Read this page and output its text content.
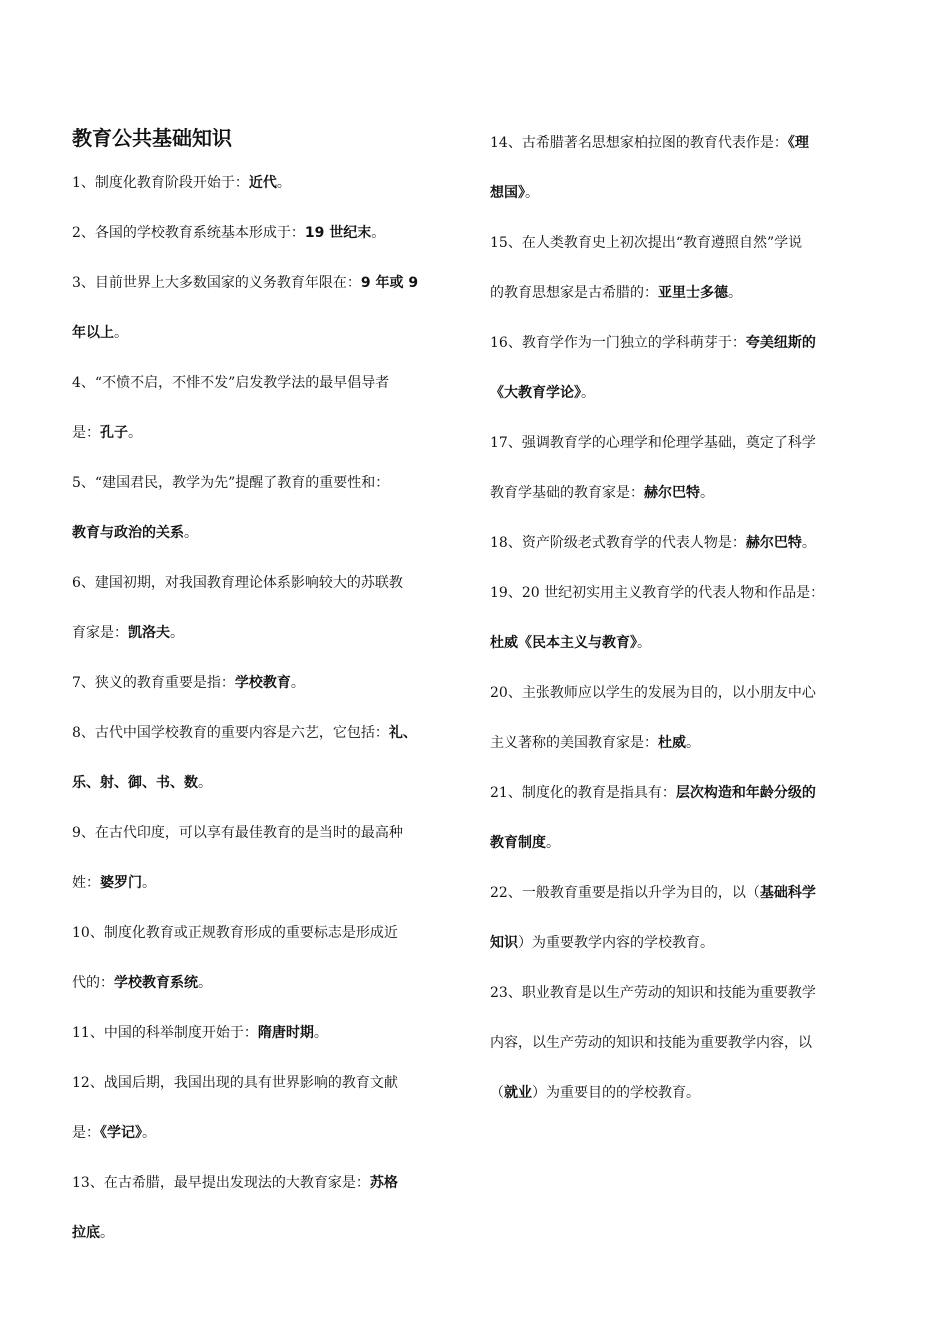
教育公共基础知识
1、制度化教育阶段开始于：近代。
2、各国的学校教育系统基本形成于：19 世纪末。
3、目前世界上大多数国家的义务教育年限在：9 年或 9
年以上。
4、“不愤不启，不悱不发”启发教学法的最早倡导者
是：孔子。
5、“建国君民，教学为先”提醒了教育的重要性和：
教育与政治的关系。
6、建国初期，对我国教育理论体系影响较大的苏联教
育家是：凯洛夫。
7、狭义的教育重要是指：学校教育。
8、古代中国学校教育的重要内容是六艺，它包括：礼、
乐、射、御、书、数。
9、在古代印度，可以享有最佳教育的是当时的最高种
姓：婆罗门。
10、制度化教育或正规教育形成的重要标志是形成近
代的：学校教育系统。
11、中国的科举制度开始于：隋唐时期。
12、战国后期，我国出现的具有世界影响的教育文献
是：《学记》。
13、在古希腊，最早提出发现法的大教育家是：苏格
拉底。
14、古希腊著名思想家柏拉图的教育代表作是：《理
想国》。
15、在人类教育史上初次提出“教育遵照自然”学说
的教育思想家是古希腊的：亚里士多德。
16、教育学作为一门独立的学科萌芽于：夸美纽斯的
《大教育学论》。
17、强调教育学的心理学和伦理学基础，奠定了科学
教育学基础的教育家是：赫尔巴特。
18、资产阶级老式教育学的代表人物是：赫尔巴特。
19、20 世纪初实用主义教育学的代表人物和作品是：
杜威《民本主义与教育》。
20、主张教师应以学生的发展为目的，以小朋友中心
主义著称的美国教育家是：杜威。
21、制度化的教育是指具有：层次构造和年龄分级的
教育制度。
22、一般教育重要是指以升学为目的，以（基础科学
知识）为重要教学内容的学校教育。
23、职业教育是以生产劳动的知识和技能为重要教学
内容，以生产劳动的知识和技能为重要教学内容，以
（就业）为重要目的的学校教育。
